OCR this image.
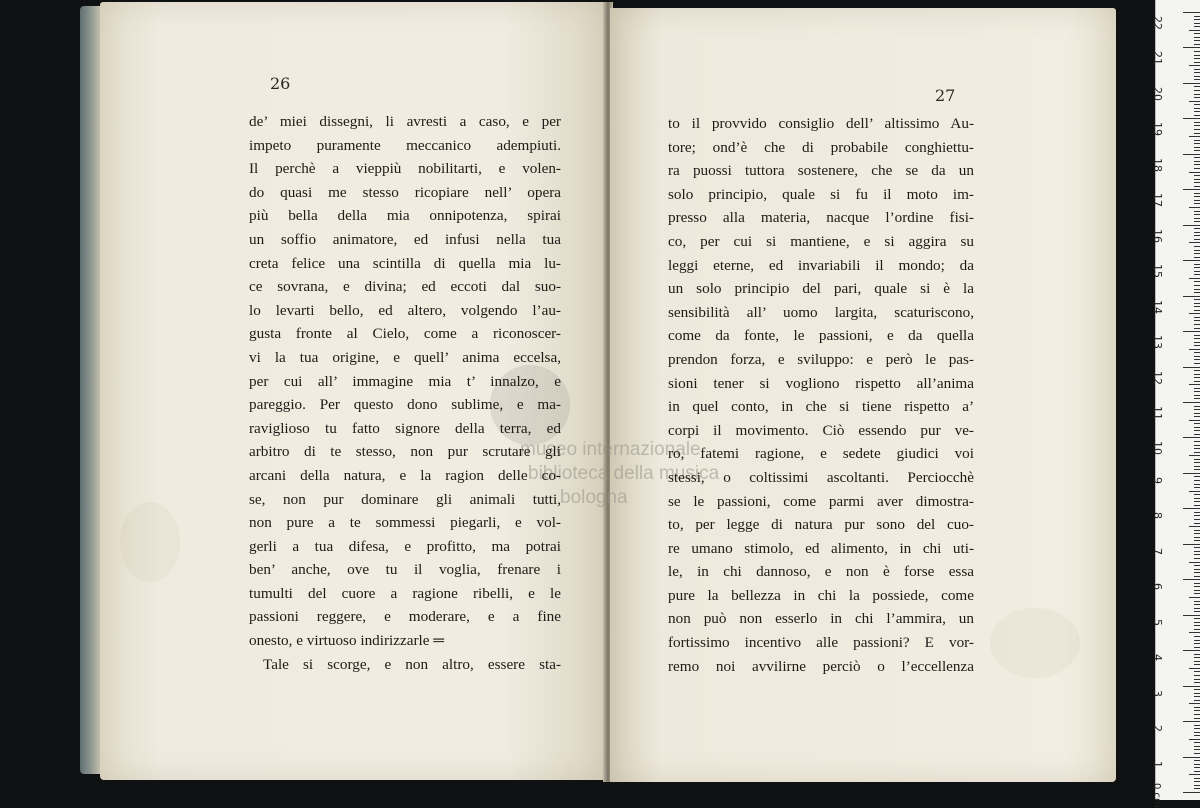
26
27
museo internazionale
biblioteca della musica
bologna
de’ miei dissegni, li avresti a caso, e per
impeto puramente meccanico adempiuti.
Il perchè a vieppiù nobilitarti, e volen-
do quasi me stesso ricopiare nell’ opera
più bella della mia onnipotenza, spirai
un soffio animatore, ed infusi nella tua
creta felice una scintilla di quella mia lu-
ce sovrana, e divina; ed eccoti dal suo-
lo levarti bello, ed altero, volgendo l’au-
gusta fronte al Cielo, come a riconoscer-
vi la tua origine, e quell’ anima eccelsa,
per cui all’ immagine mia t’ innalzo, e
pareggio. Per questo dono sublime, e ma-
raviglioso tu fatto signore della terra, ed
arbitro di te stesso, non pur scrutare gli
arcani della natura, e la ragion delle co-
se, non pur dominare gli animali tutti,
non pure a te sommessi piegarli, e vol-
gerli a tua difesa, e profitto, ma potrai
ben’ anche, ove tu il voglia, frenare i
tumulti del cuore a ragione ribelli, e le
passioni reggere, e moderare, e a fine
onesto, e virtuoso indirizzarle ═
Tale si scorge, e non altro, essere sta-
to il provvido consiglio dell’ altissimo Au-
tore; ond’è che di probabile conghiettu-
ra puossi tuttora sostenere, che se da un
solo principio, quale si fu il moto im-
presso alla materia, nacque l’ordine fisi-
co, per cui si mantiene, e si aggira su
leggi eterne, ed invariabili il mondo; da
un solo principio del pari, quale si è la
sensibilità all’ uomo largita, scaturiscono,
come da fonte, le passioni, e da quella
prendon forza, e sviluppo: e però le pas-
sioni tener si vogliono rispetto all’anima
in quel conto, in che si tiene rispetto a’
corpi il movimento. Ciò essendo pur ve-
ro, fatemi ragione, e sedete giudici voi
stessi, o coltissimi ascoltanti. Perciocchè
se le passioni, come parmi aver dimostra-
to, per legge di natura pur sono del cuo-
re umano stimolo, ed alimento, in chi uti-
le, in chi dannoso, e non è forse essa
pure la bellezza in chi la possiede, come
non può non esserlo in chi l’ammira, un
fortissimo incentivo alle passioni? E vor-
remo noi avvilirne perciò o l’eccellenza
0 cm
22
21
20
19
18
17
16
15
14
13
12
11
10
9
8
7
6
5
4
3
2
1
